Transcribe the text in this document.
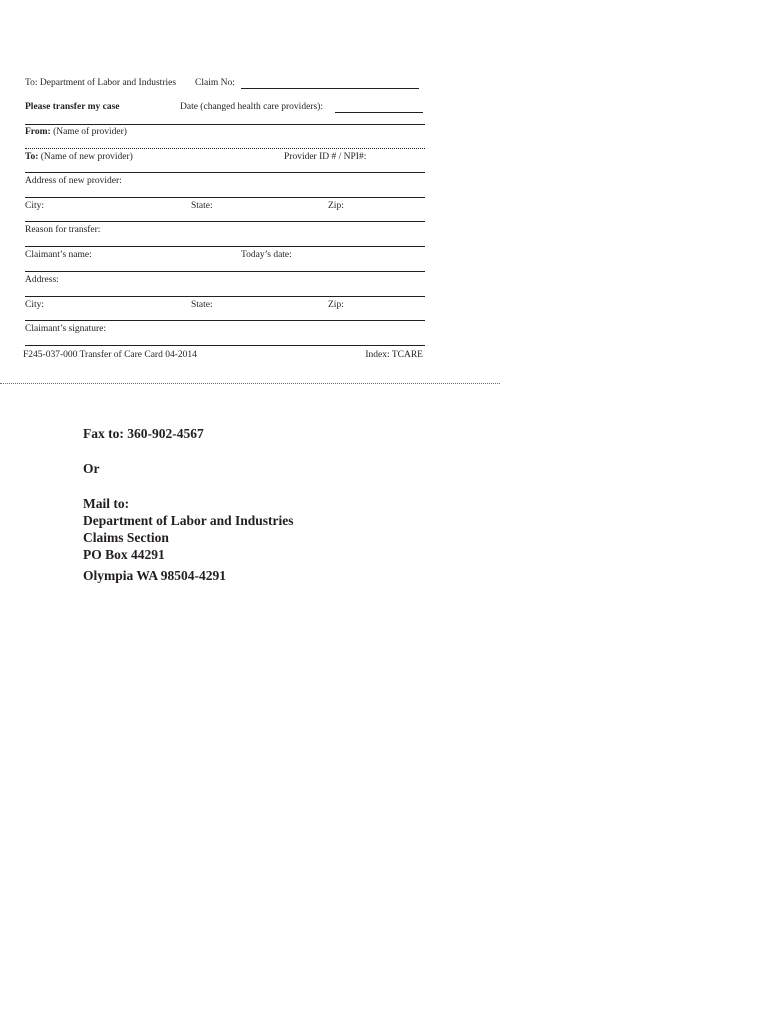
To: Department of Labor and Industries Claim No:
Please transfer my case	Date (changed health care providers):
From: (Name of provider)
To: (Name of new provider)	Provider ID # / NPI#:
Address of new provider:
City:	State:	Zip:
Reason for transfer:
Claimant’s name:	Today’s date:
Address:
City:	State:	Zip:
Claimant’s signature:
F245-037-000 Transfer of Care Card 04-2014	Index: TCARE
Fax to: 360-902-4567
Or
Mail to:
Department of Labor and Industries
Claims Section
PO Box 44291
Olympia WA 98504-4291
